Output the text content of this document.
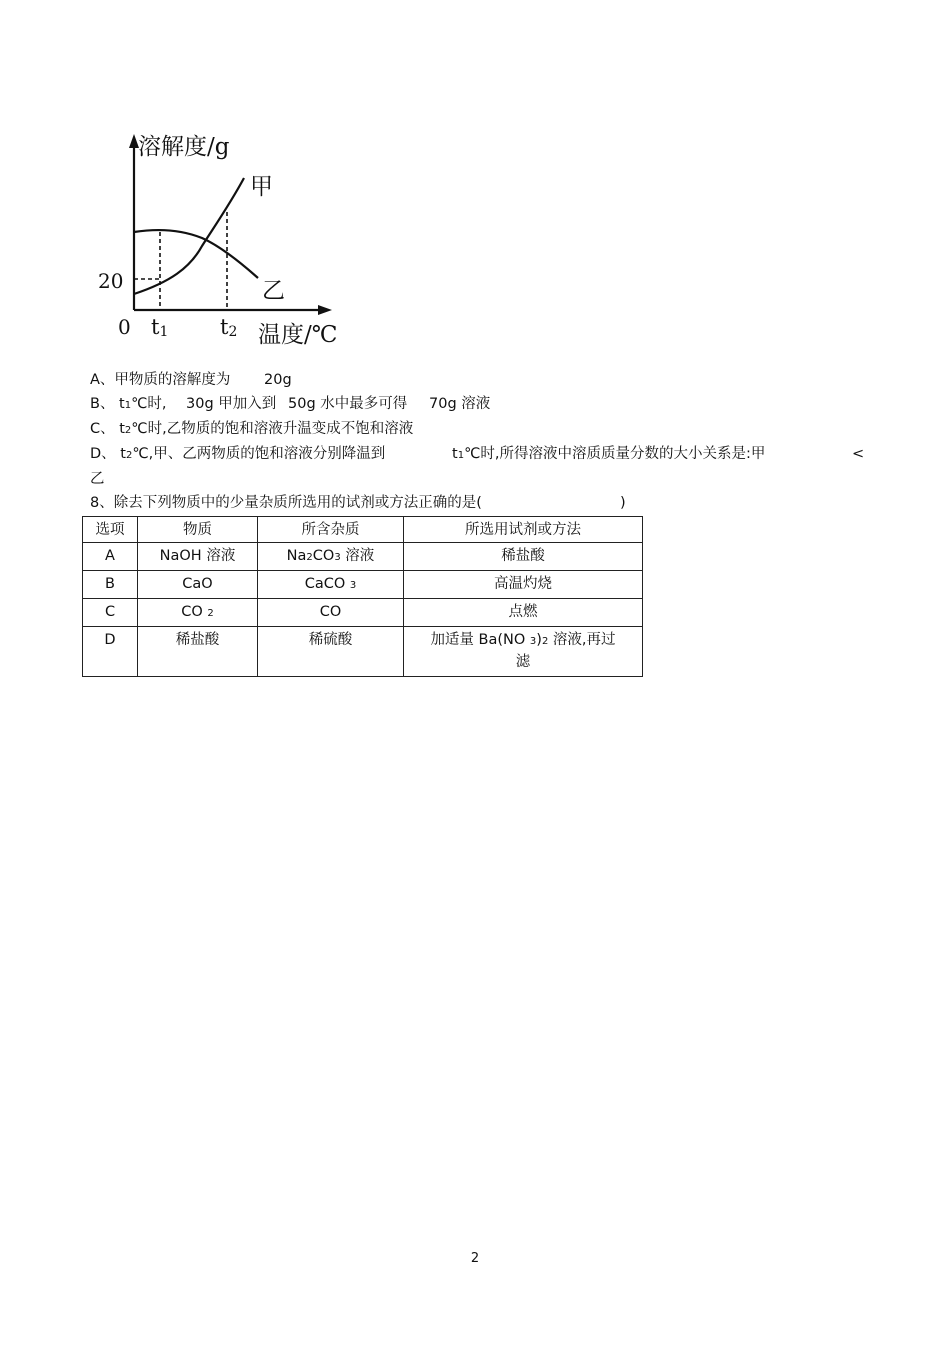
溶解度/g
温度/℃
0
20
t1 t2
甲
乙
A、甲物质的溶解度为 20g
B、 t1℃时, 30g 甲加入到 50g 水中最多可得 70g 溶液
C、 t2℃时,乙物质的饱和溶液升温变成不饱和溶液
D、 t2℃,甲、乙两物质的饱和溶液分别降温到	t1℃时,所得溶液中溶质质量分数的大小关系是:甲	<
乙
8、除去下列物质中的少量杂质所选用的试剂或方法正确的是(	)
选项	物质	所含杂质	所选用试剂或方法
A	NaOH 溶液	Na2CO3 溶液	稀盐酸
B	CaO	CaCO 3	高温灼烧
C	CO 2	CO	点燃
D	稀盐酸	稀硫酸	加适量 Ba(NO 3)2 溶液,再过
滤
2
